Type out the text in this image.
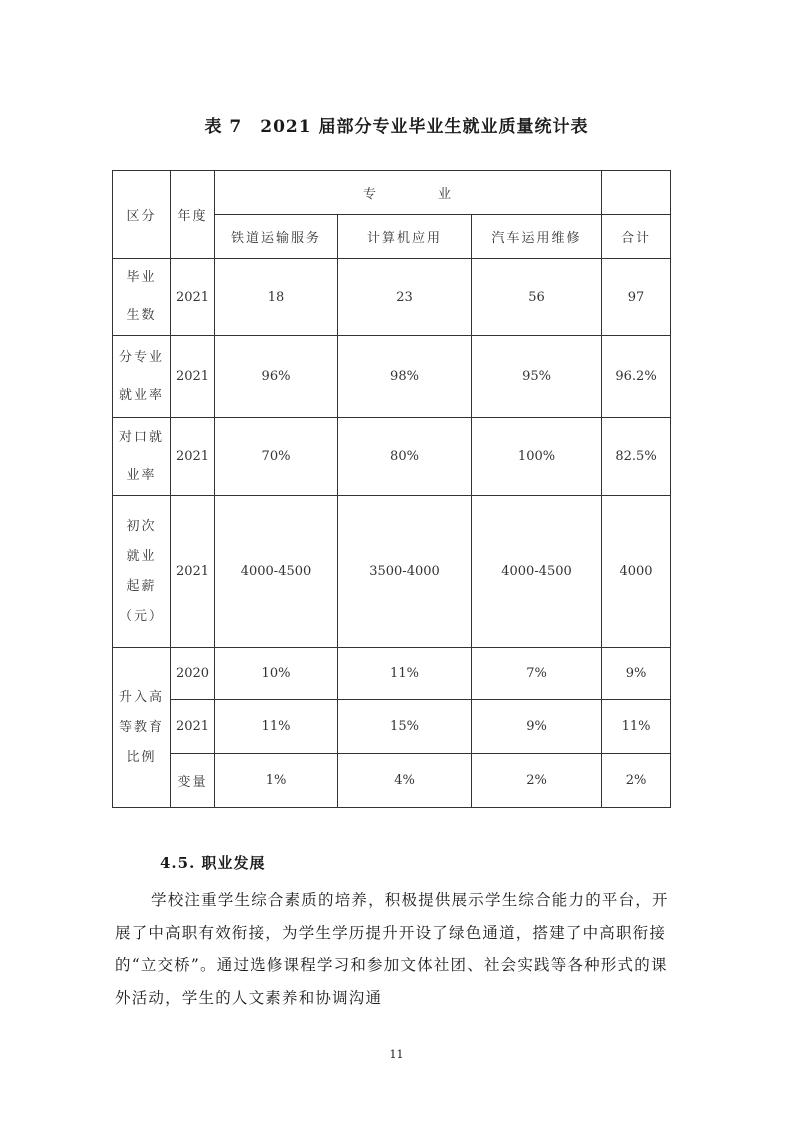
表 7　2021 届部分专业毕业生就业质量统计表
区分	年度	专　　　　业			
		铁道运输服务	计算机应用	汽车运用维修	合计

毕业
生数	2021	18	23	56	97

分专业
就业率	2021	96%	98%	95%	96.2%

对口就
业率	2021	70%	80%	100%	82.5%

初次
就业
起薪
（元）	2021	4000-4500	3500-4000	4000-4500	4000

升入高
等教育
比例	2020	10%	11%	7%	9%
	2021	11%	15%	9%	11%
	变量	1%	4%	2%	2%
4.5. 职业发展

学校注重学生综合素质的培养，积极提供展示学生综合能力的平台，开展了中高职有效衔接，为学生学历提升开设了绿色通道，搭建了中高职衔接的“立交桥”。通过选修课程学习和参加文体社团、社会实践等各种形式的课外活动，学生的人文素养和协调沟通

11
